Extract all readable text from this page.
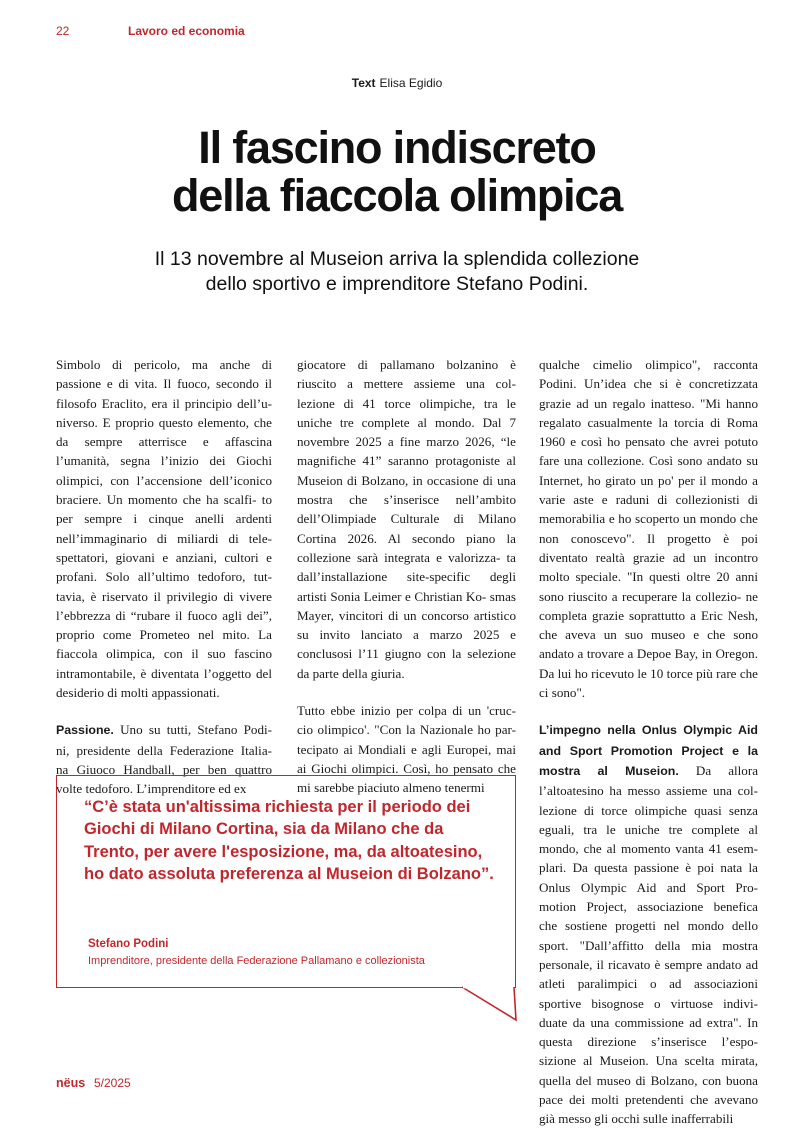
22	Lavoro ed economia
Text Elisa Egidio
Il fascino indiscreto
della fiaccola olimpica

Il 13 novembre al Museion arriva la splendida collezione
dello sportivo e imprenditore Stefano Podini.

Simbolo di pericolo, ma anche di passione e di vita. Il fuoco, secondo il filosofo Eraclito, era il principio dell’u- niverso. E proprio questo elemento, che da sempre atterrisce e affascina l’umanità, segna l’inizio dei Giochi olimpici, con l’accensione dell’iconico braciere. Un momento che ha scalfi- to per sempre i cinque anelli ardenti nell’immaginario di miliardi di tele- spettatori, giovani e anziani, cultori e profani. Solo all’ultimo tedoforo, tut- tavia, è riservato il privilegio di vivere l’ebbrezza di “rubare il fuoco agli dei”, proprio come Prometeo nel mito. La fiaccola olimpica, con il suo fascino intramontabile, è diventata l’oggetto del desiderio di molti appassionati.

Passione. Uno su tutti, Stefano Podi- ni, presidente della Federazione Italia- na Giuoco Handball, per ben quattro volte tedoforo. L’imprenditore ed ex

giocatore di pallamano bolzanino è riuscito a mettere assieme una col- lezione di 41 torce olimpiche, tra le uniche tre complete al mondo. Dal 7 novembre 2025 a fine marzo 2026, “le magnifiche 41” saranno protagoniste al Museion di Bolzano, in occasione di una mostra che s’inserisce nell’ambito dell’Olimpiade Culturale di Milano Cortina 2026. Al secondo piano la collezione sarà integrata e valorizza- ta dall’installazione site-specific degli artisti Sonia Leimer e Christian Ko- smas Mayer, vincitori di un concorso artistico su invito lanciato a marzo 2025 e conclusosi l’11 giugno con la selezione da parte della giuria.

Tutto ebbe inizio per colpa di un 'cruc- cio olimpico'. "Con la Nazionale ho par- tecipato ai Mondiali e agli Europei, mai ai Giochi olimpici. Così, ho pensato che mi sarebbe piaciuto almeno tenermi

qualche cimelio olimpico", racconta Podini. Un’idea che si è concretizzata grazie ad un regalo inatteso. "Mi hanno regalato casualmente la torcia di Roma 1960 e così ho pensato che avrei potuto fare una collezione. Così sono andato su Internet, ho girato un po' per il mondo a varie aste e raduni di collezionisti di memorabilia e ho scoperto un mondo che non conoscevo". Il progetto è poi diventato realtà grazie ad un incontro molto speciale. "In questi oltre 20 anni sono riuscito a recuperare la collezio- ne completa grazie soprattutto a Eric Nesh, che aveva un suo museo e che sono andato a trovare a Depoe Bay, in Oregon. Da lui ho ricevuto le 10 torce più rare che ci sono".

L’impegno nella Onlus Olympic Aid and Sport Promotion Project e la mostra al Museion. Da allora l’altoatesino ha messo assieme una col- lezione di torce olimpiche quasi senza eguali, tra le uniche tre complete al mondo, che al momento vanta 41 esem- plari. Da questa passione è poi nata la Onlus Olympic Aid and Sport Pro- motion Project, associazione benefica che sostiene progetti nel mondo dello sport. "Dall’affitto della mia mostra personale, il ricavato è sempre andato ad atleti paralimpici o ad associazioni sportive bisognose o virtuose indivi- duate da una commissione ad extra". In questa direzione s’inserisce l’espo- sizione al Museion. Una scelta mirata, quella del museo di Bolzano, con buona pace dei molti pretendenti che avevano già messo gli occhi sulle inafferrabili

“C’è stata un'altissima richiesta per il periodo dei Giochi di Milano Cortina, sia da Milano che da Trento, per avere l'esposizione, ma, da altoatesino, ho dato assoluta preferenza al Museion di Bolzano”.

Stefano Podini
Imprenditore, presidente della Federazione Pallamano e collezionista
nëus 5/2025
